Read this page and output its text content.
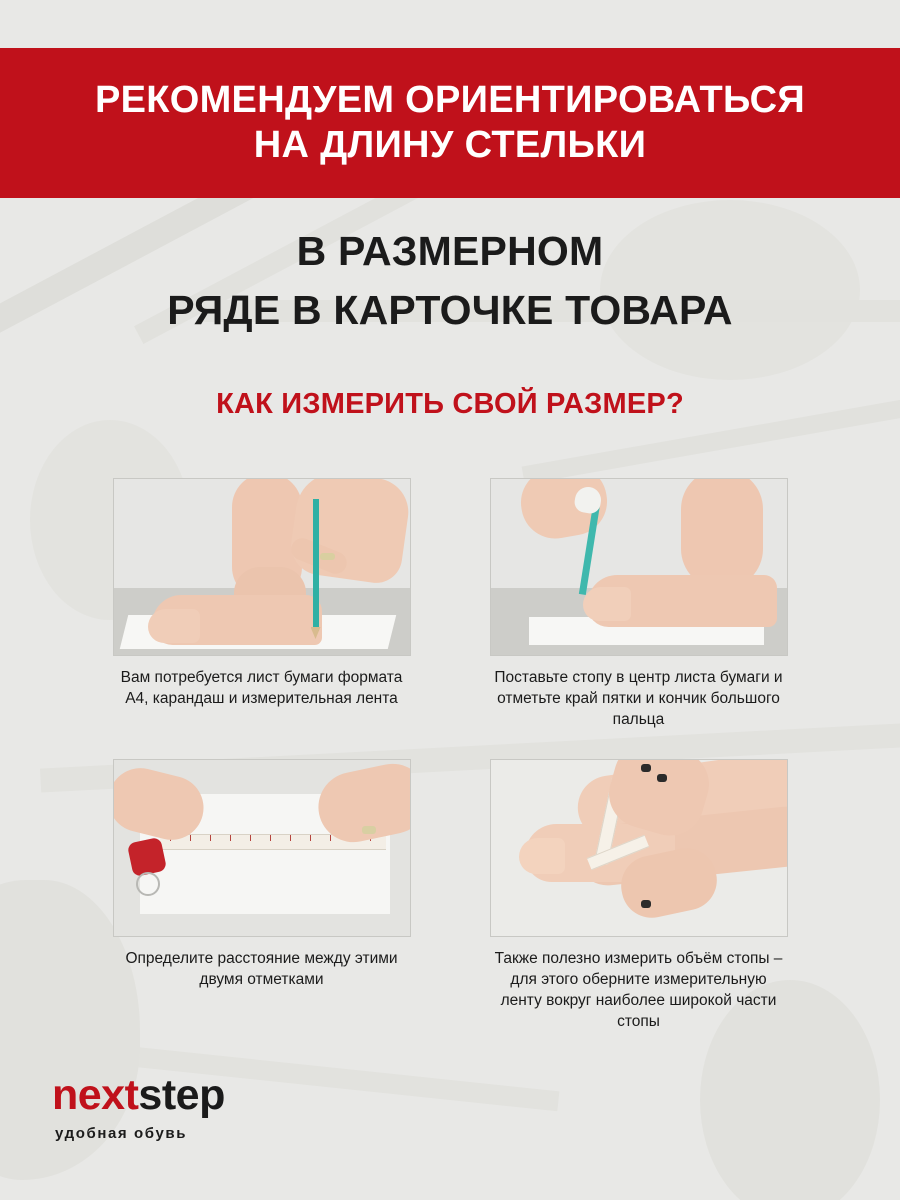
РЕКОМЕНДУЕМ ОРИЕНТИРОВАТЬСЯ
НА ДЛИНУ СТЕЛЬКИ
В РАЗМЕРНОМ
РЯДЕ В КАРТОЧКЕ ТОВАРА
КАК ИЗМЕРИТЬ СВОЙ РАЗМЕР?
Вам потребуется лист бумаги формата А4, карандаш и измерительная лента
Поставьте стопу в центр листа бумаги и отметьте край пятки и кончик большого пальца
Определите расстояние между этими двумя отметками
Также полезно измерить объём стопы – для этого оберните измерительную ленту вокруг наиболее широкой части стопы
nextstep
удобная обувь
